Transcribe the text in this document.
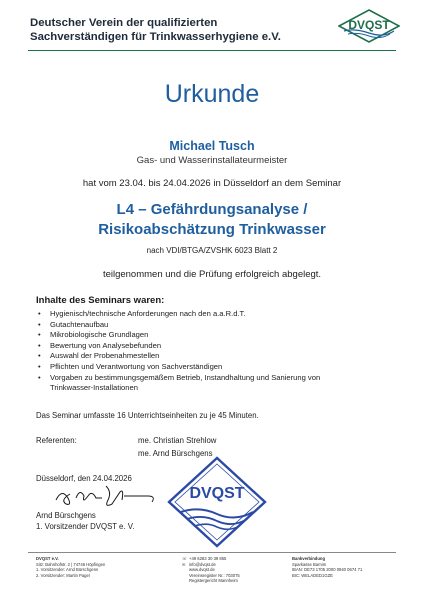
Deutscher Verein der qualifizierten
Sachverständigen für Trinkwasserhygiene e.V.
DVQST
Urkunde
Michael Tusch
Gas- und Wasserinstallateurmeister
hat vom 23.04. bis 24.04.2026 in Düsseldorf an dem Seminar
L4 – Gefährdungsanalyse /
Risikoabschätzung Trinkwasser
nach VDI/BTGA/ZVSHK 6023 Blatt 2
teilgenommen und die Prüfung erfolgreich abgelegt.
Inhalte des Seminars waren:
• Hygienisch/technische Anforderungen nach den a.a.R.d.T.
• Gutachtenaufbau
• Mikrobiologische Grundlagen
• Bewertung von Analysebefunden
• Auswahl der Probenahmestellen
• Pflichten und Verantwortung von Sachverständigen
• Vorgaben zu bestimmungsgemäßem Betrieb, Instandhaltung und Sanierung von
Trinkwasser-Installationen
Das Seminar umfasste 16 Unterrichtseinheiten zu je 45 Minuten.
Referenten:	me. Christian Strehlow
me. Arnd Bürschgens
Düsseldorf, den 24.04.2026
DVQST
Arnd Bürschgens
1. Vorsitzender DVQST e. V.
DVQST e.V.
Sitz: Bahnhofstr. 2 | 74746 Höpfingen
1. Vorsitzender: Arnd Bürschgens
2. Vorsitzender: Martin Pagel
☏ +49 6283 30 39 855
✉ info@dvqst.de
www.dvqst.de
Vereinsregister Nr.: 703075
Registergericht Mannheim
Bankverbindung
Sparkasse Barnim
IBAN: DE73 1705 2000 0940 0674 71
BIC: WELADED1GZE
